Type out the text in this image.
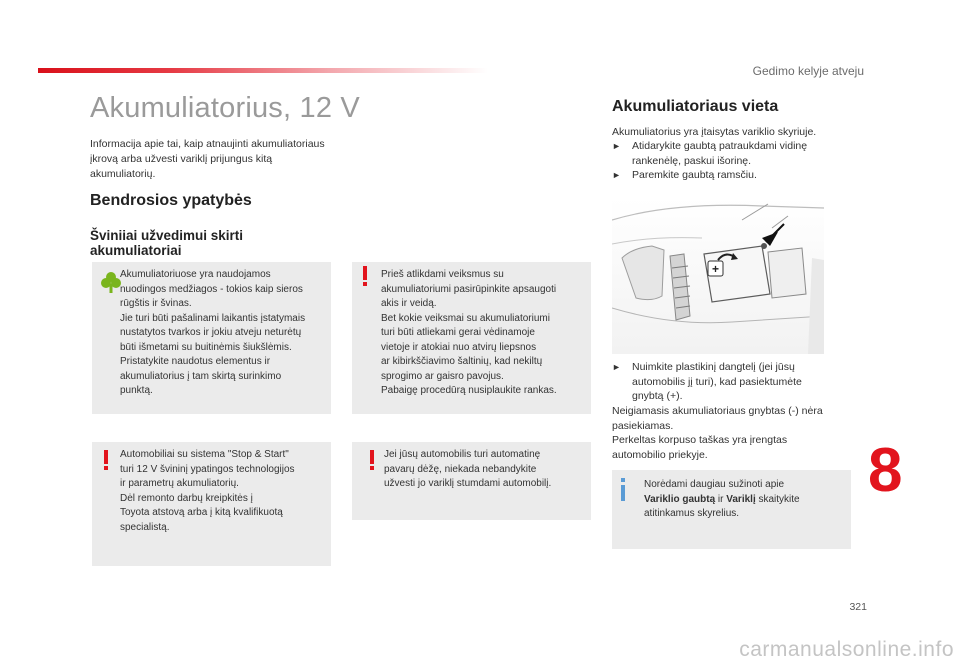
Gedimo kelyje atveju
Akumuliatorius, 12 V

Informacija apie tai, kaip atnaujinti akumuliatoriaus įkrovą arba užvesti variklį prijungus kitą akumuliatorių.

Bendrosios ypatybės
Šviniiai užvedimui skirti akumuliatoriai
Akumuliatoriuose yra naudojamos
nuodingos medžiagos - tokios kaip sieros
rūgštis ir švinas.
Jie turi būti pašalinami laikantis įstatymais
nustatytos tvarkos ir jokiu atveju neturėtų
būti išmetami su buitinėmis šiukšlėmis.
Pristatykite naudotus elementus ir
akumuliatorius į tam skirtą surinkimo
punktą.
Prieš atlikdami veiksmus su
akumuliatoriumi pasirūpinkite apsaugoti
akis ir veidą.
Bet kokie veiksmai su akumuliatoriumi
turi būti atliekami gerai vėdinamoje
vietoje ir atokiai nuo atvirų liepsnos
ar kibirkščiavimo šaltinių, kad nekiltų
sprogimo ar gaisro pavojus.
Pabaigę procedūrą nusiplaukite rankas.
Automobiliai su sistema "Stop & Start"
turi 12 V švininį ypatingos technologijos
ir parametrų akumuliatorių.
Dėl remonto darbų kreipkitės į
Toyota atstovą arba į kitą kvalifikuotą
specialistą.
Jei jūsų automobilis turi automatinę
pavarų dėžę, niekada nebandykite
užvesti jo variklį stumdami automobilį.
Akumuliatoriaus vieta
Akumuliatorius yra įtaisytas variklio skyriuje.
► Atidarykite gaubtą patraukdami vidinę
rankenėlę, paskui išorinę.
► Paremkite gaubtą ramsčiu.
+
► Nuimkite plastikinį dangtelį (jei jūsų
automobilis jį turi), kad pasiektumėte
gnybtą (+).
Neigiamasis akumuliatoriaus gnybtas (-) nėra
pasiekiamas.
Perkeltas korpuso taškas yra įrengtas
automobilio priekyje.
Norėdami daugiau sužinoti apie
Variklio gaubtą ir Variklį skaitykite
atitinkamus skyrelius.
8
321
carmanualsonline.info
